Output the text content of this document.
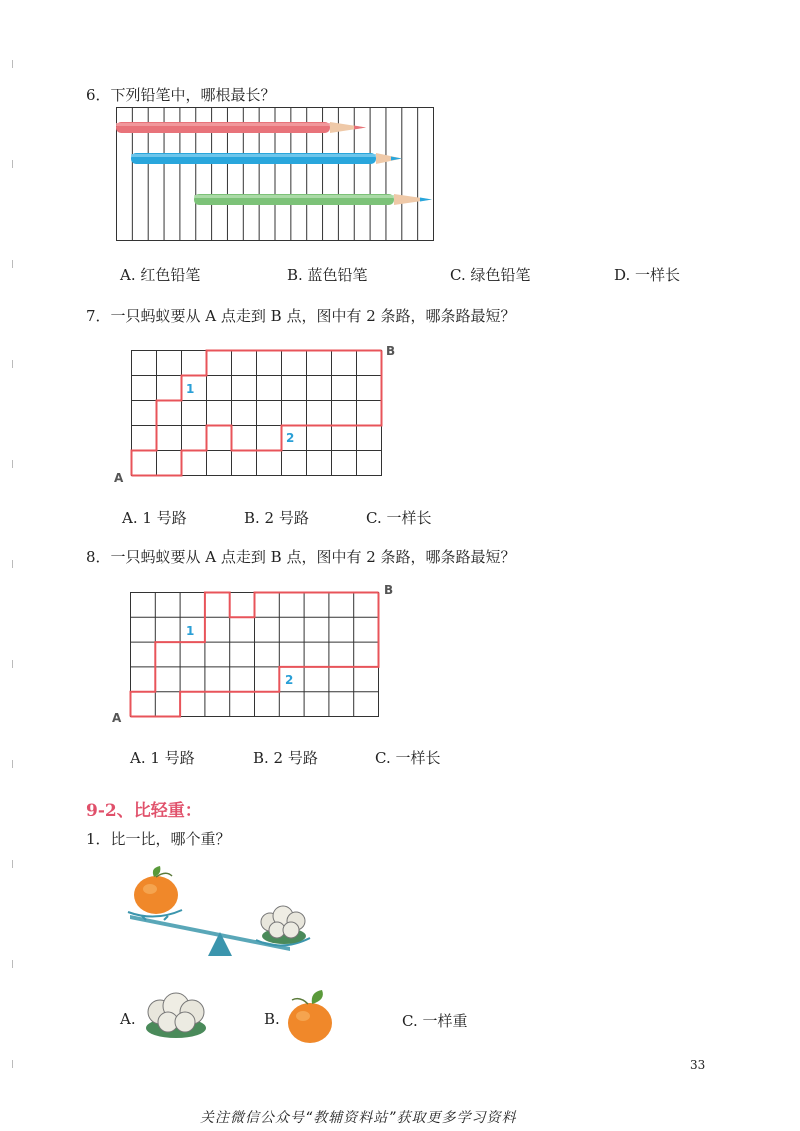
6．下列铅笔中，哪根最长？
A. 红色铅笔	B. 蓝色铅笔	C. 绿色铅笔	D. 一样长
7．一只蚂蚁要从 A 点走到 B 点，图中有 2 条路，哪条路最短？
1
2
A
B
A. 1 号路	B. 2 号路	C. 一样长
8．一只蚂蚁要从 A 点走到 B 点，图中有 2 条路，哪条路最短？
1
2
A
B
A. 1 号路	B. 2 号路	C. 一样长
9-2、比轻重：
1．比一比，哪个重？
A.	B.	C. 一样重
33
关注微信公众号“教辅资料站”获取更多学习资料
